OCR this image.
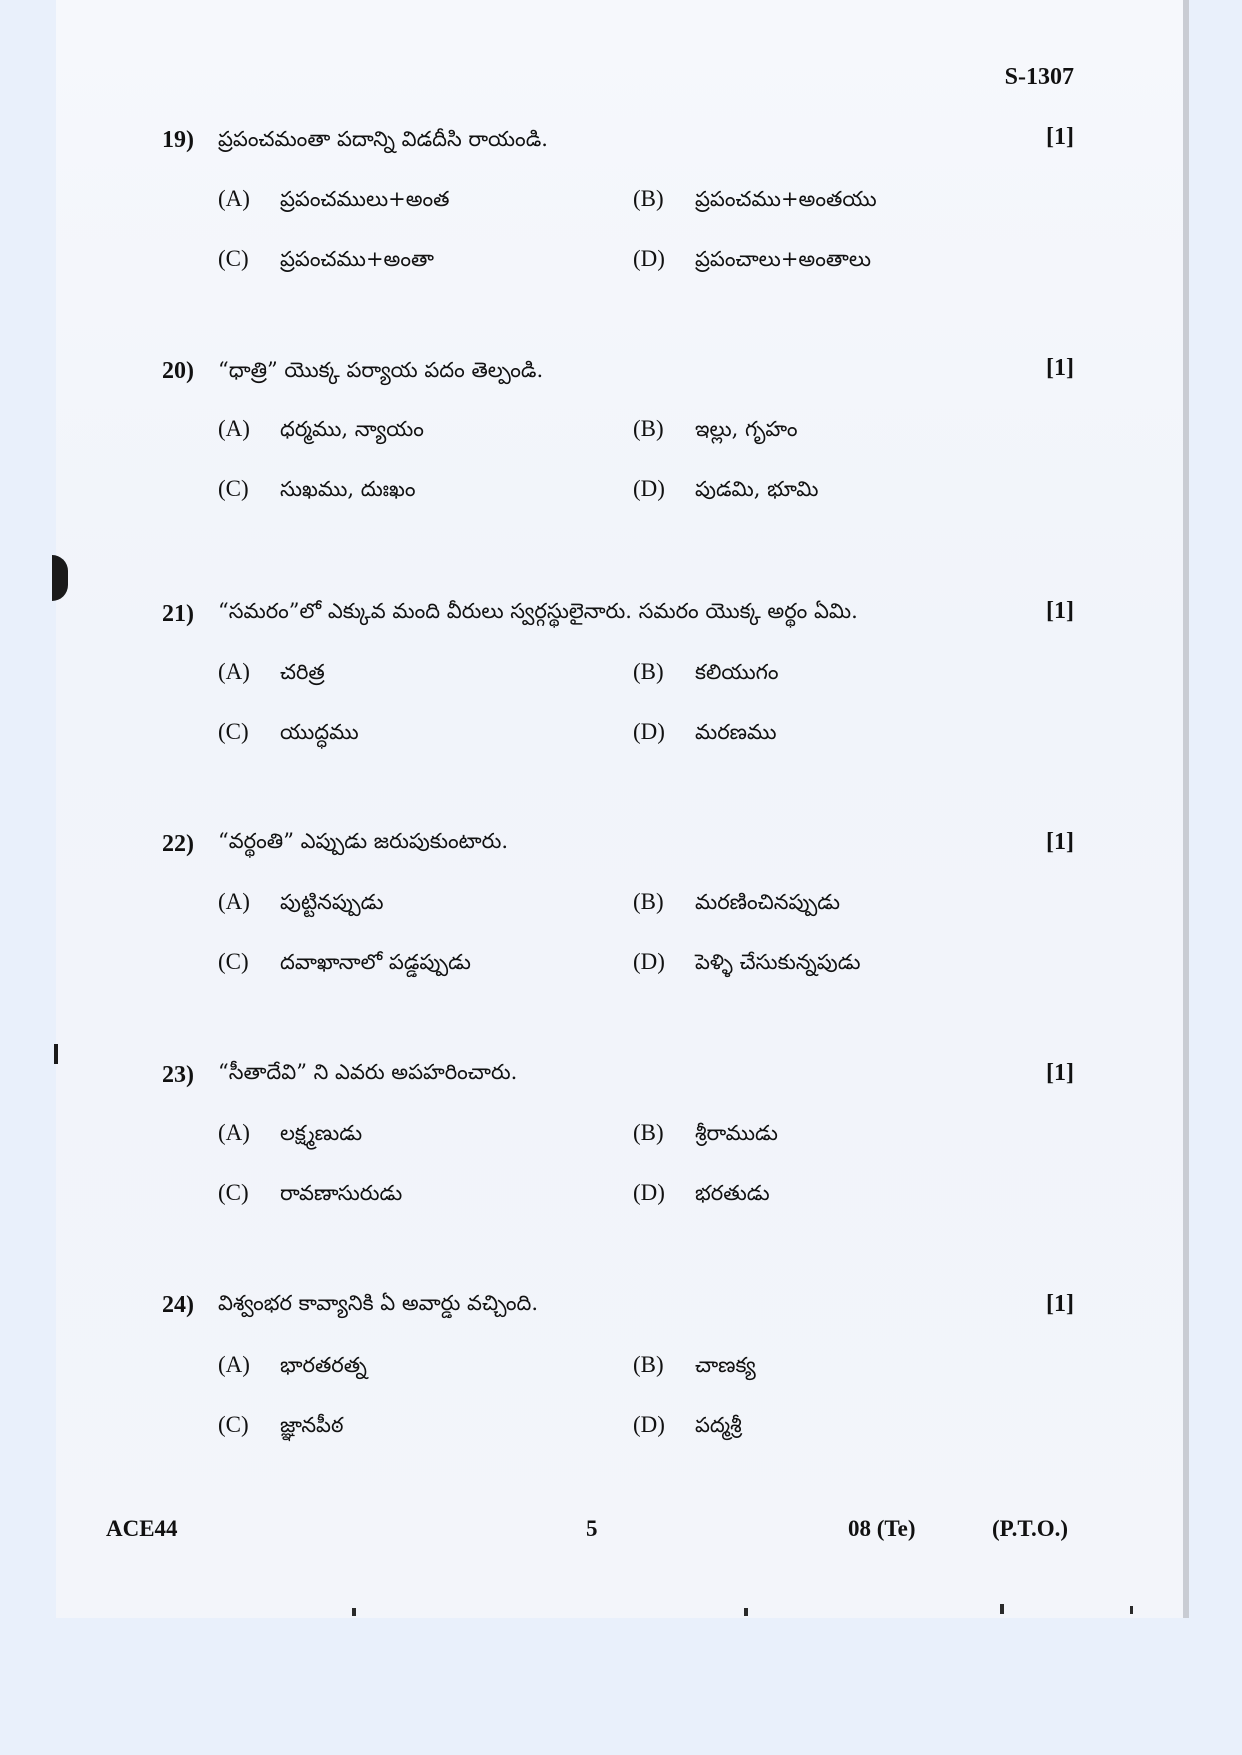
S-1307
19) ప్రపంచమంతా పదాన్ని విడదీసి రాయండి.	[1]
(A) ప్రపంచములు+అంత	(B) ప్రపంచము+అంతయు
(C) ప్రపంచము+అంతా	(D) ప్రపంచాలు+అంతాలు
20) “ధాత్రి” యొక్క పర్యాయ పదం తెల్పండి.	[1]
(A) ధర్మము, న్యాయం	(B) ఇల్లు, గృహం
(C) సుఖము, దుఃఖం	(D) పుడమి, భూమి
21) “సమరం”లో ఎక్కువ మంది వీరులు స్వర్గస్థులైనారు. సమరం యొక్క అర్థం ఏమి.	[1]
(A) చరిత్ర	(B) కలియుగం
(C) యుద్ధము	(D) మరణము
22) “వర్థంతి” ఎప్పుడు జరుపుకుంటారు.	[1]
(A) పుట్టినప్పుడు	(B) మరణించినప్పుడు
(C) దవాఖానాలో పడ్డప్పుడు	(D) పెళ్ళి చేసుకున్నపుడు
23) “సీతాదేవి” ని ఎవరు అపహరించారు.	[1]
(A) లక్ష్మణుడు	(B) శ్రీరాముడు
(C) రావణాసురుడు	(D) భరతుడు
24) విశ్వంభర కావ్యానికి ఏ అవార్డు వచ్చింది.	[1]
(A) భారతరత్న	(B) చాణక్య
(C) జ్ఞానపీఠ	(D) పద్మశ్రీ
ACE44	5	08 (Te)	(P.T.O.)
